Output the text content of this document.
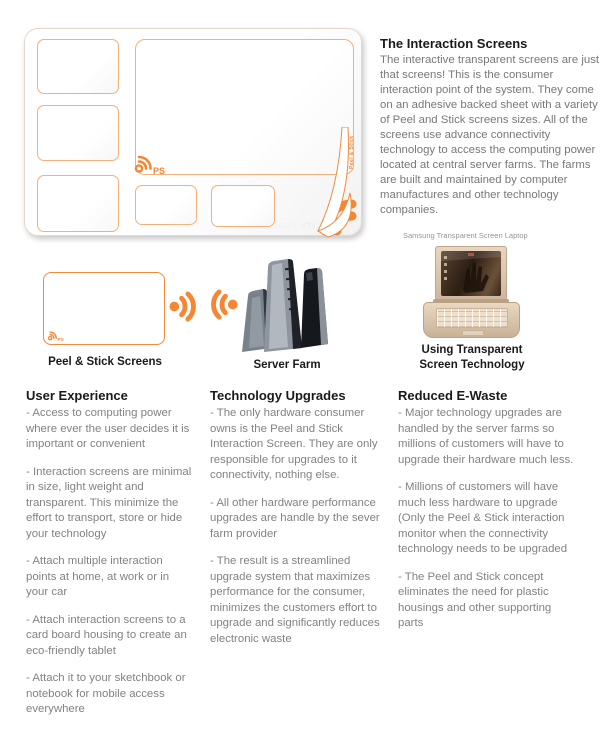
PS
Peel & Stick
Peel & Stick
The Interaction Screens

The interactive transparent screens are just that screens! This is the consumer interaction point of the system. They come on an adhesive backed sheet with a variety of Peel and Stick screens sizes. All of the screens use advance connectivity technology to access the computing power located at central server farms. The farms are built and maintained by computer manufactures and other technology companies.

Samsung Transparent Screen Laptop
PS
Peel & Stick Screens	Server Farm
Using Transparent
Screen Technology
User Experience

- Access to computing power where ever the user decides it is important or convenient

- Interaction screens are minimal in size, light weight and transparent. This minimize the effort to transport, store or hide your technology

- Attach multiple interaction points at home, at work or in your car

- Attach interaction screens to a card board housing to create an eco-friendly tablet

- Attach it to your sketchbook or notebook for mobile access everywhere

Technology Upgrades

- The only hardware consumer owns is the Peel and Stick Interaction Screen. They are only responsible for upgrades to it connectivity, nothing else.

- All other hardware performance upgrades are handle by the sever farm provider

- The result is a streamlined upgrade system that maximizes performance for the consumer, minimizes the customers effort to upgrade and significantly reduces electronic waste

Reduced E-Waste

- Major technology upgrades are handled by the server farms so millions of customers will have to upgrade their hardware much less.

- Millions of customers will have much less hardware to upgrade (Only the Peel & Stick interaction monitor when the connectivity technology needs to be upgraded

- The Peel and Stick concept eliminates the need for plastic housings and other supporting parts
